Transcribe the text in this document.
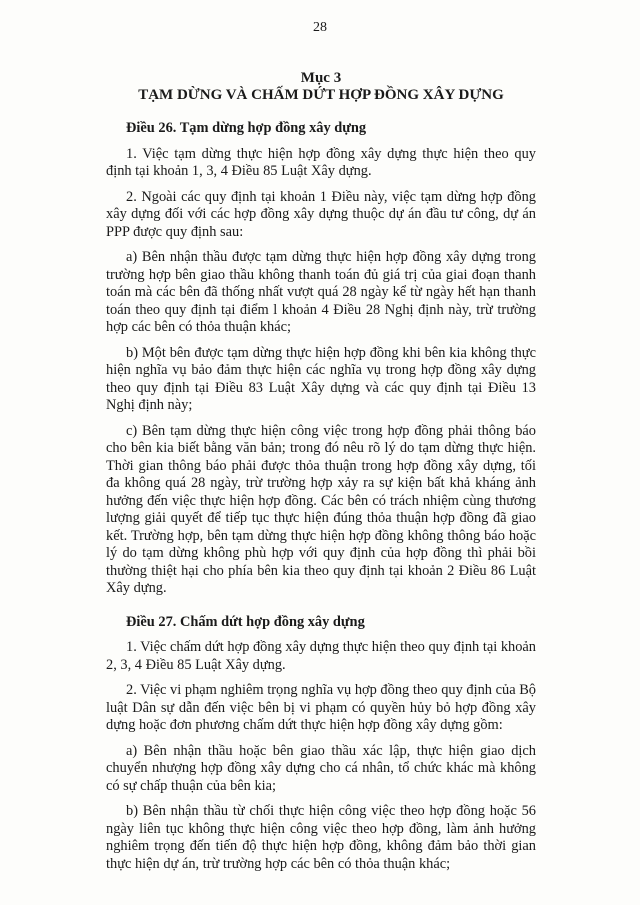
28
Mục 3
TẠM DỪNG VÀ CHẤM DỨT HỢP ĐỒNG XÂY DỰNG
Điều 26. Tạm dừng hợp đồng xây dựng

1. Việc tạm dừng thực hiện hợp đồng xây dựng thực hiện theo quy định tại khoản 1, 3, 4 Điều 85 Luật Xây dựng.

2. Ngoài các quy định tại khoản 1 Điều này, việc tạm dừng hợp đồng xây dựng đối với các hợp đồng xây dựng thuộc dự án đầu tư công, dự án PPP được quy định sau:

a) Bên nhận thầu được tạm dừng thực hiện hợp đồng xây dựng trong trường hợp bên giao thầu không thanh toán đủ giá trị của giai đoạn thanh toán mà các bên đã thống nhất vượt quá 28 ngày kể từ ngày hết hạn thanh toán theo quy định tại điểm l khoản 4 Điều 28 Nghị định này, trừ trường hợp các bên có thỏa thuận khác;

b) Một bên được tạm dừng thực hiện hợp đồng khi bên kia không thực hiện nghĩa vụ bảo đảm thực hiện các nghĩa vụ trong hợp đồng xây dựng theo quy định tại Điều 83 Luật Xây dựng và các quy định tại Điều 13 Nghị định này;

c) Bên tạm dừng thực hiện công việc trong hợp đồng phải thông báo cho bên kia biết bằng văn bản; trong đó nêu rõ lý do tạm dừng thực hiện. Thời gian thông báo phải được thỏa thuận trong hợp đồng xây dựng, tối đa không quá 28 ngày, trừ trường hợp xảy ra sự kiện bất khả kháng ảnh hưởng đến việc thực hiện hợp đồng. Các bên có trách nhiệm cùng thương lượng giải quyết để tiếp tục thực hiện đúng thỏa thuận hợp đồng đã giao kết. Trường hợp, bên tạm dừng thực hiện hợp đồng không thông báo hoặc lý do tạm dừng không phù hợp với quy định của hợp đồng thì phải bồi thường thiệt hại cho phía bên kia theo quy định tại khoản 2 Điều 86 Luật Xây dựng.

Điều 27. Chấm dứt hợp đồng xây dựng

1. Việc chấm dứt hợp đồng xây dựng thực hiện theo quy định tại khoản 2, 3, 4 Điều 85 Luật Xây dựng.

2. Việc vi phạm nghiêm trọng nghĩa vụ hợp đồng theo quy định của Bộ luật Dân sự dẫn đến việc bên bị vi phạm có quyền hủy bỏ hợp đồng xây dựng hoặc đơn phương chấm dứt thực hiện hợp đồng xây dựng gồm:

a) Bên nhận thầu hoặc bên giao thầu xác lập, thực hiện giao dịch chuyển nhượng hợp đồng xây dựng cho cá nhân, tổ chức khác mà không có sự chấp thuận của bên kia;

b) Bên nhận thầu từ chối thực hiện công việc theo hợp đồng hoặc 56 ngày liên tục không thực hiện công việc theo hợp đồng, làm ảnh hưởng nghiêm trọng đến tiến độ thực hiện hợp đồng, không đảm bảo thời gian thực hiện dự án, trừ trường hợp các bên có thỏa thuận khác;
